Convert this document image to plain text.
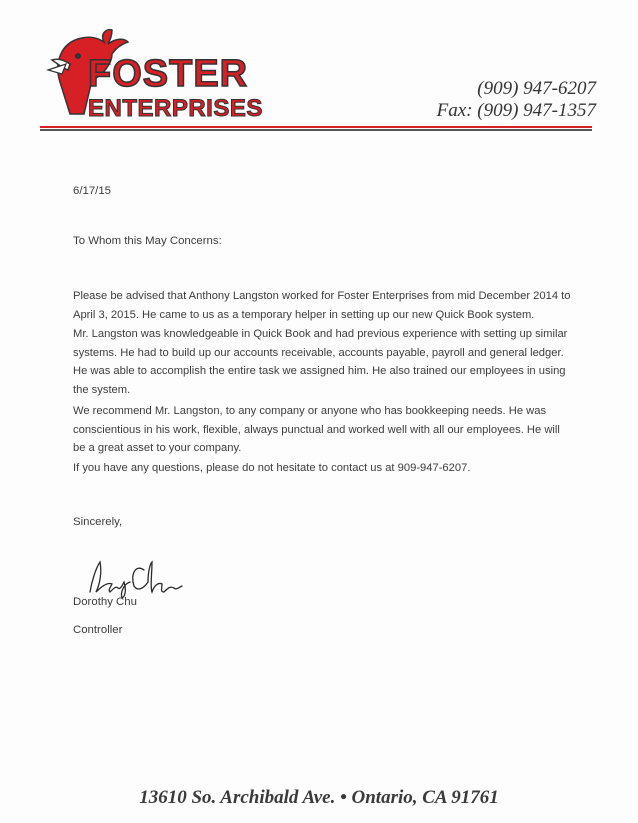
FOSTER
ENTERPRISES
(909) 947-6207
Fax: (909) 947-1357
6/17/15
To Whom this May Concerns:

Please be advised that Anthony Langston worked for Foster Enterprises from mid December 2014 to April 3, 2015. He came to us as a temporary helper in setting up our new Quick Book system.

Mr. Langston was knowledgeable in Quick Book and had previous experience with setting up similar systems. He had to build up our accounts receivable, accounts payable, payroll and general ledger. He was able to accomplish the entire task we assigned him. He also trained our employees in using the system.

We recommend Mr. Langston, to any company or anyone who has bookkeeping needs. He was conscientious in his work, flexible, always punctual and worked well with all our employees. He will be a great asset to your company.

If you have any questions, please do not hesitate to contact us at 909-947-6207.

Sincerely,
Dorothy Chu
Controller
13610 So. Archibald Ave. • Ontario, CA 91761
